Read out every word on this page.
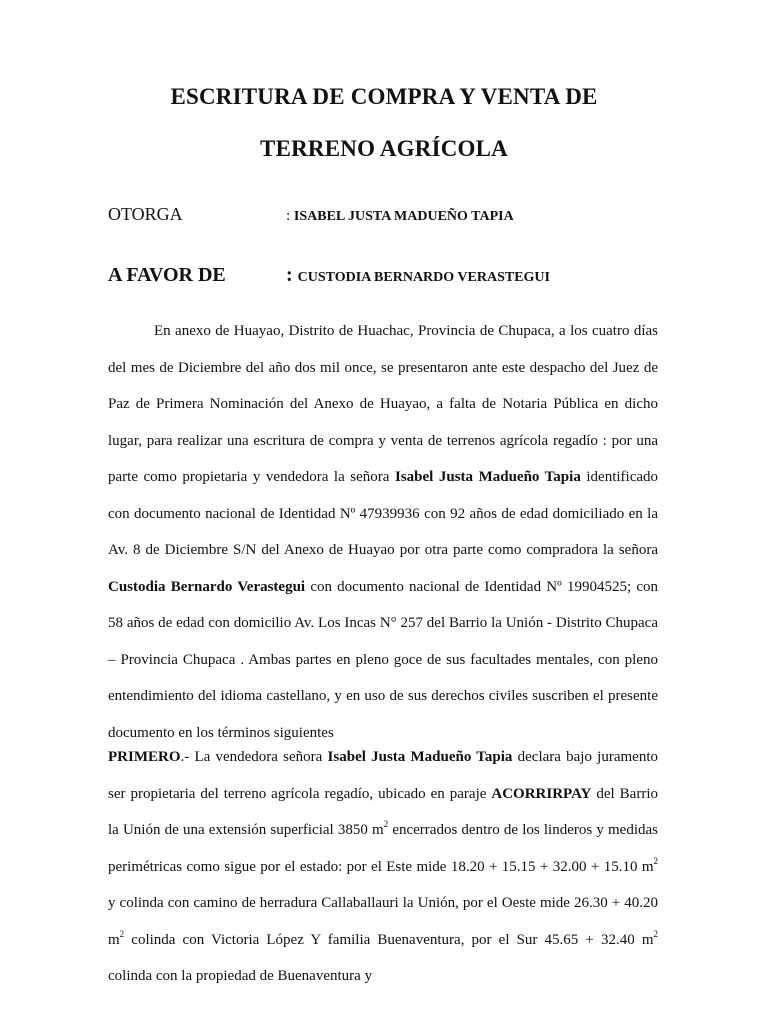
ESCRITURA DE COMPRA Y VENTA DE
TERRENO AGRÍCOLA
OTORGA	: ISABEL JUSTA MADUEÑO TAPIA
A FAVOR DE	: CUSTODIA BERNARDO VERASTEGUI
En anexo de Huayao, Distrito de Huachac, Provincia de Chupaca, a los cuatro días del mes de Diciembre del año dos mil once, se presentaron ante este despacho del Juez de Paz de Primera Nominación del Anexo de Huayao, a falta de Notaria Pública en dicho lugar, para realizar una escritura de compra y venta de terrenos agrícola regadío : por una parte como propietaria y vendedora la señora Isabel Justa Madueño Tapia identificado con documento nacional de Identidad Nº 47939936 con 92 años de edad domiciliado en la Av. 8 de Diciembre S/N del Anexo de Huayao por otra parte como compradora la señora Custodia Bernardo Verastegui con documento nacional de Identidad Nº 19904525; con 58 años de edad con domicilio Av. Los Incas N° 257 del Barrio la Unión - Distrito Chupaca – Provincia Chupaca . Ambas partes en pleno goce de sus facultades mentales, con pleno entendimiento del idioma castellano, y en uso de sus derechos civiles suscriben el presente documento en los términos siguientes
PRIMERO.- La vendedora señora Isabel Justa Madueño Tapia declara bajo juramento ser propietaria del terreno agrícola regadío, ubicado en paraje ACORRIRPAY del Barrio la Unión de una extensión superficial 3850 $m^2$ encerrados dentro de los linderos y medidas perimétricas como sigue por el estado: por el Este mide 18.20 + 15.15 + 32.00 + 15.10 $m^2$ y colinda con camino de herradura Callaballauri la Unión, por el Oeste mide 26.30 + 40.20 $m^2$ colinda con Victoria López Y familia Buenaventura, por el Sur 45.65 + 32.40 $m^2$ colinda con la propiedad de Buenaventura y
